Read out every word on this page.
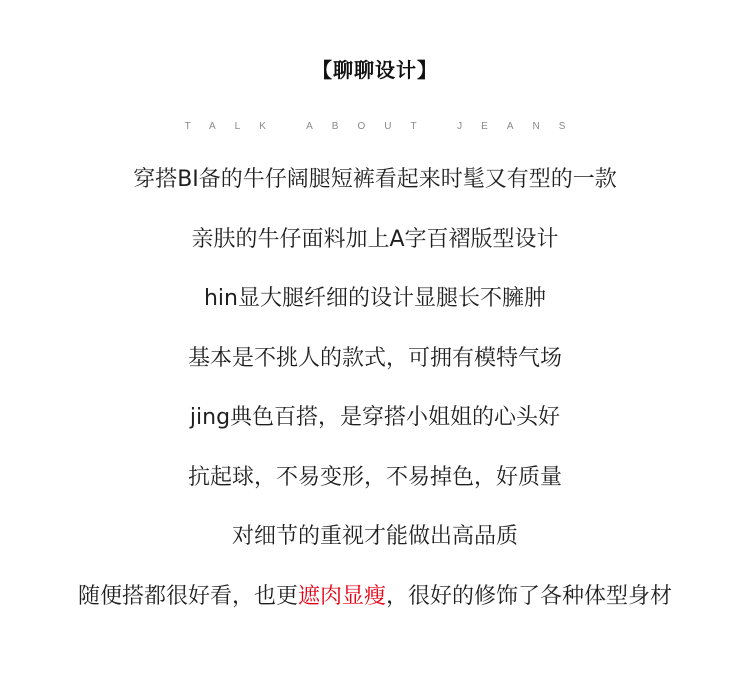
【聊聊设计】
TALK ABOUT JEANS
穿搭BI备的牛仔阔腿短裤看起来时髦又有型的一款
亲肤的牛仔面料加上A字百褶版型设计
hin显大腿纤细的设计显腿长不臃肿
基本是不挑人的款式，可拥有模特气场
jing典色百搭，是穿搭小姐姐的心头好
抗起球，不易变形，不易掉色，好质量
对细节的重视才能做出高品质
随便搭都很好看，也更遮肉显瘦，很好的修饰了各种体型身材
